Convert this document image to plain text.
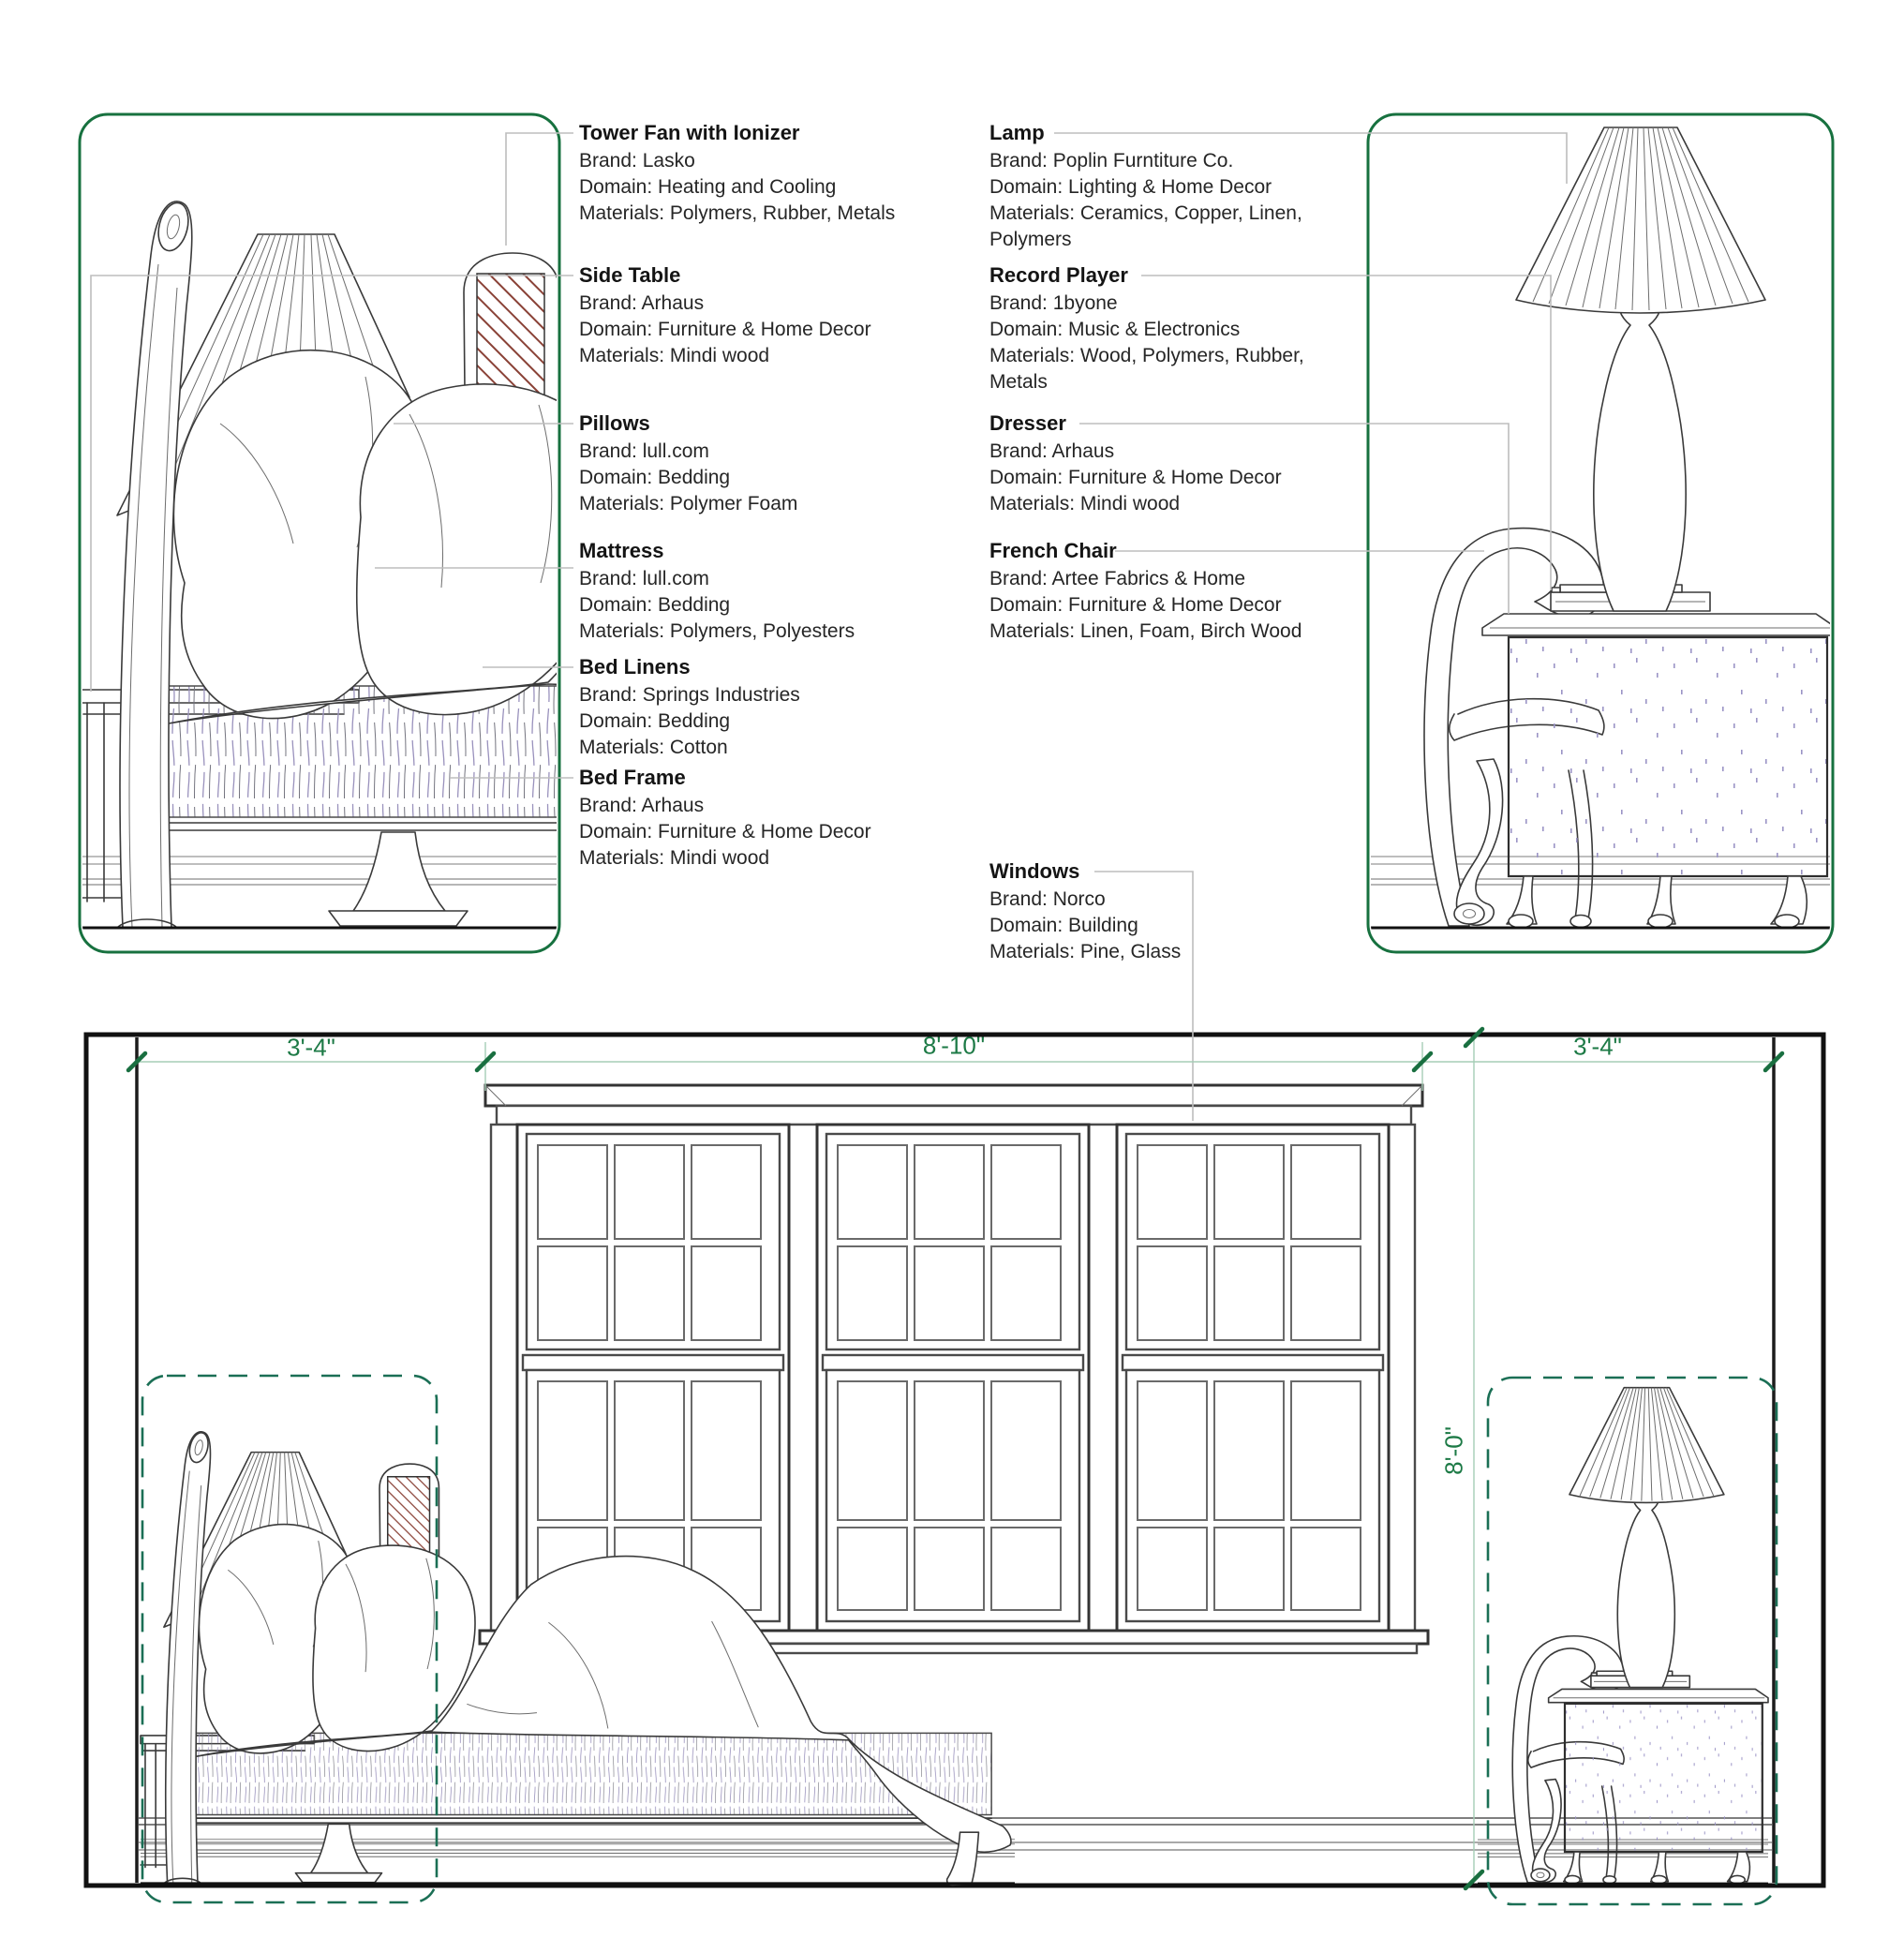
Tower Fan with Ionizer
Brand: Lasko
Domain: Heating and Cooling
Materials: Polymers, Rubber, Metals
Side Table
Brand: Arhaus
Domain: Furniture & Home Decor
Materials: Mindi wood
Pillows
Brand: lull.com
Domain: Bedding
Materials: Polymer Foam
Mattress
Brand: lull.com
Domain: Bedding
Materials: Polymers, Polyesters
Bed Linens
Brand: Springs Industries
Domain: Bedding
Materials: Cotton
Bed Frame
Brand: Arhaus
Domain: Furniture & Home Decor
Materials: Mindi wood
Lamp
Brand: Poplin Furntiture Co.
Domain: Lighting & Home Decor
Materials: Ceramics, Copper, Linen,
Polymers
Record Player
Brand: 1byone
Domain: Music & Electronics
Materials: Wood, Polymers, Rubber,
Metals
Dresser
Brand: Arhaus
Domain: Furniture & Home Decor
Materials: Mindi wood
French Chair
Brand: Artee Fabrics & Home
Domain: Furniture & Home Decor
Materials: Linen, Foam, Birch Wood
Windows
Brand: Norco
Domain: Building
Materials: Pine, Glass
3'-4"	8'-10"	3'-4"
8'-0"
